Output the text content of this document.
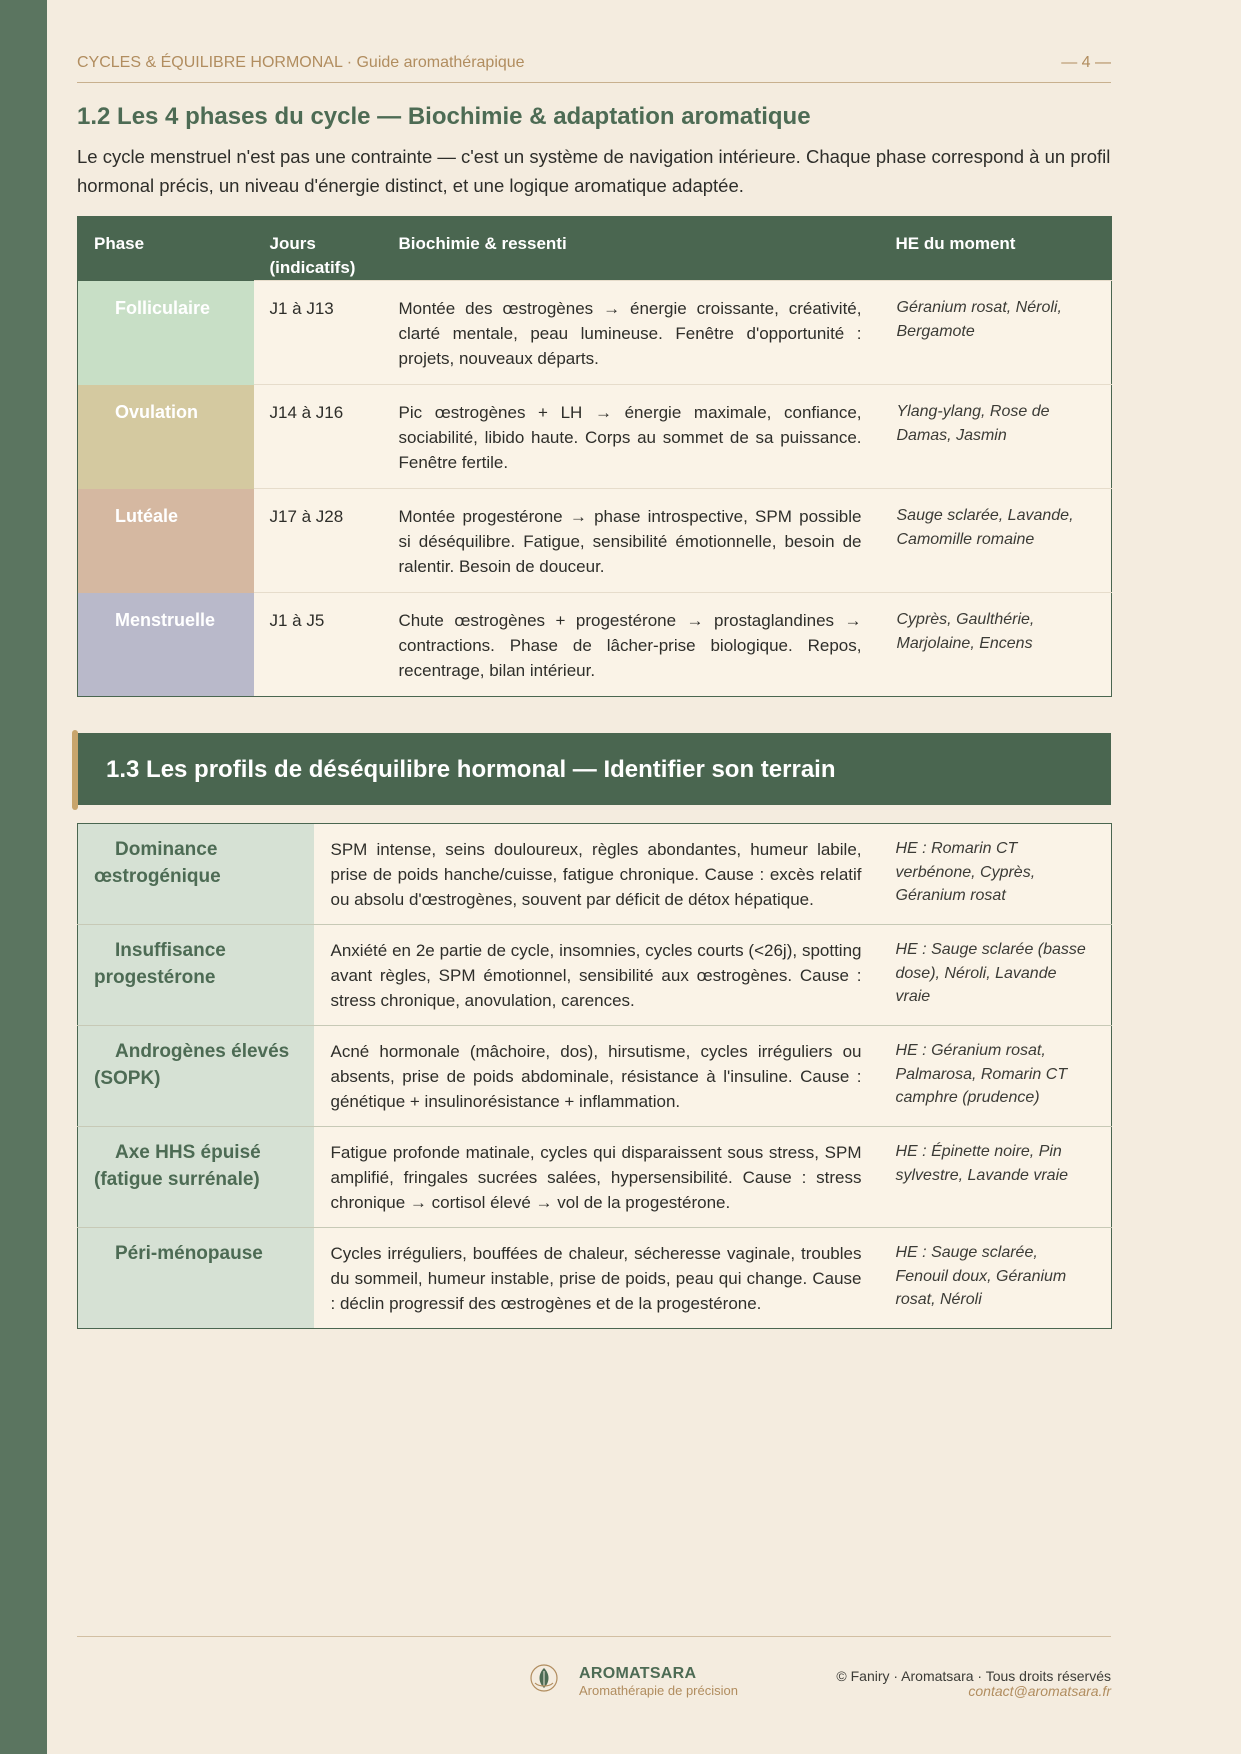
CYCLES & ÉQUILIBRE HORMONAL · Guide aromathérapique	— 4 —
1.2 Les 4 phases du cycle — Biochimie & adaptation aromatique

Le cycle menstruel n'est pas une contrainte — c'est un système de navigation intérieure. Chaque phase correspond à un profil hormonal précis, un niveau d'énergie distinct, et une logique aromatique adaptée.

Phase	Jours (indicatifs)	Biochimie & ressenti	HE du moment
Folliculaire	J1 à J13	Montée des œstrogènes → énergie croissante, créativité, clarté mentale, peau lumineuse. Fenêtre d'opportunité : projets, nouveaux départs.	Géranium rosat, Néroli, Bergamote
Ovulation	J14 à J16	Pic œstrogènes + LH → énergie maximale, confiance, sociabilité, libido haute. Corps au sommet de sa puissance. Fenêtre fertile.	Ylang-ylang, Rose de Damas, Jasmin
Lutéale	J17 à J28	Montée progestérone → phase introspective, SPM possible si déséquilibre. Fatigue, sensibilité émotionnelle, besoin de ralentir. Besoin de douceur.	Sauge sclarée, Lavande, Camomille romaine
Menstruelle	J1 à J5	Chute œstrogènes + progestérone → prostaglandines → contractions. Phase de lâcher-prise biologique. Repos, recentrage, bilan intérieur.	Cyprès, Gaulthérie, Marjolaine, Encens
1.3 Les profils de déséquilibre hormonal — Identifier son terrain
Dominance œstrogénique	SPM intense, seins douloureux, règles abondantes, humeur labile, prise de poids hanche/cuisse, fatigue chronique. Cause : excès relatif ou absolu d'œstrogènes, souvent par déficit de détox hépatique.	HE : Romarin CT verbénone, Cyprès, Géranium rosat
Insuffisance progestérone	Anxiété en 2e partie de cycle, insomnies, cycles courts (<26j), spotting avant règles, SPM émotionnel, sensibilité aux œstrogènes. Cause : stress chronique, anovulation, carences.	HE : Sauge sclarée (basse dose), Néroli, Lavande vraie
Androgènes élevés (SOPK)	Acné hormonale (mâchoire, dos), hirsutisme, cycles irréguliers ou absents, prise de poids abdominale, résistance à l'insuline. Cause : génétique + insulinorésistance + inflammation.	HE : Géranium rosat, Palmarosa, Romarin CT camphre (prudence)
Axe HHS épuisé (fatigue surrénale)	Fatigue profonde matinale, cycles qui disparaissent sous stress, SPM amplifié, fringales sucrées salées, hypersensibilité. Cause : stress chronique → cortisol élevé → vol de la progestérone.	HE : Épinette noire, Pin sylvestre, Lavande vraie
Péri-ménopause	Cycles irréguliers, bouffées de chaleur, sécheresse vaginale, troubles du sommeil, humeur instable, prise de poids, peau qui change. Cause : déclin progressif des œstrogènes et de la progestérone.	HE : Sauge sclarée, Fenouil doux, Géranium rosat, Néroli
AROMATSARA
Aromathérapie de précision
© Faniry · Aromatsara · Tous droits réservés
contact@aromatsara.fr
